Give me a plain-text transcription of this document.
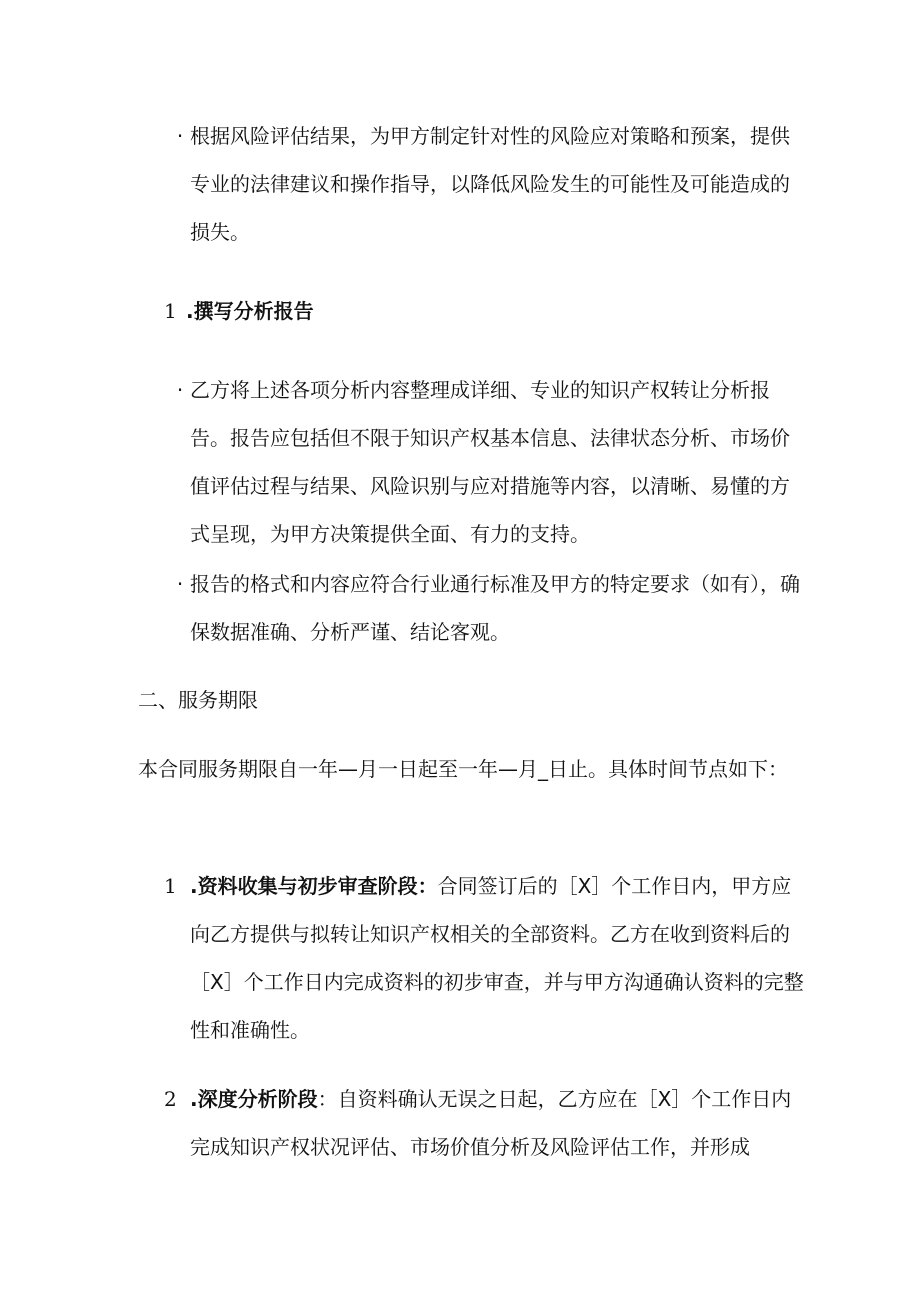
· 根据风险评估结果，为甲方制定针对性的风险应对策略和预案，提供专业的法律建议和操作指导，以降低风险发生的可能性及可能造成的损失。
1 .撰写分析报告
· 乙方将上述各项分析内容整理成详细、专业的知识产权转让分析报告。报告应包括但不限于知识产权基本信息、法律状态分析、市场价值评估过程与结果、风险识别与应对措施等内容，以清晰、易懂的方式呈现，为甲方决策提供全面、有力的支持。
· 报告的格式和内容应符合行业通行标准及甲方的特定要求（如有），确保数据准确、分析严谨、结论客观。
二、服务期限
本合同服务期限自一年—月一日起至一年—月_日止。具体时间节点如下：
1 .资料收集与初步审查阶段：合同签订后的［X］个工作日内，甲方应向乙方提供与拟转让知识产权相关的全部资料。乙方在收到资料后的［X］个工作日内完成资料的初步审查，并与甲方沟通确认资料的完整性和准确性。
2 .深度分析阶段：自资料确认无误之日起，乙方应在［X］个工作日内完成知识产权状况评估、市场价值分析及风险评估工作，并形成
